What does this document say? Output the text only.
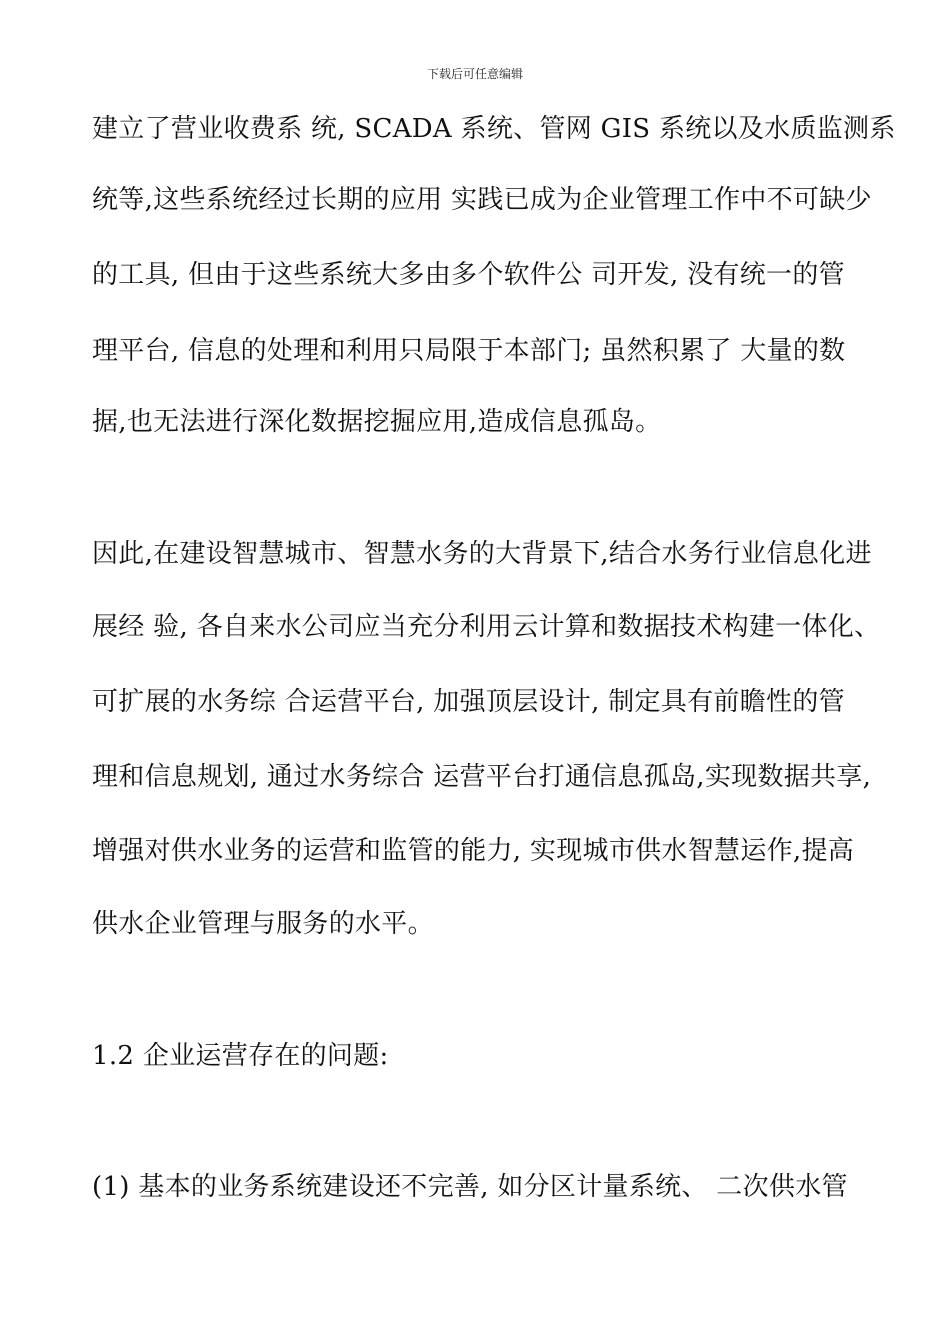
下载后可任意编辑
建立了营业收费系 统, SCADA 系统、管网 GIS 系统以及水质监测系
统等,这些系统经过长期的应用 实践已成为企业管理工作中不可缺少
的工具, 但由于这些系统大多由多个软件公 司开发, 没有统一的管
理平台, 信息的处理和利用只局限于本部门; 虽然积累了 大量的数
据,也无法进行深化数据挖掘应用,造成信息孤岛。
因此,在建设智慧城市、智慧水务的大背景下,结合水务行业信息化进
展经 验, 各自来水公司应当充分利用云计算和数据技术构建一体化、
可扩展的水务综 合运营平台, 加强顶层设计, 制定具有前瞻性的管
理和信息规划, 通过水务综合 运营平台打通信息孤岛,实现数据共享,
增强对供水业务的运营和监管的能力, 实现城市供水智慧运作,提高
供水企业管理与服务的水平。
1.2 企业运营存在的问题:
(1) 基本的业务系统建设还不完善, 如分区计量系统、 二次供水管
